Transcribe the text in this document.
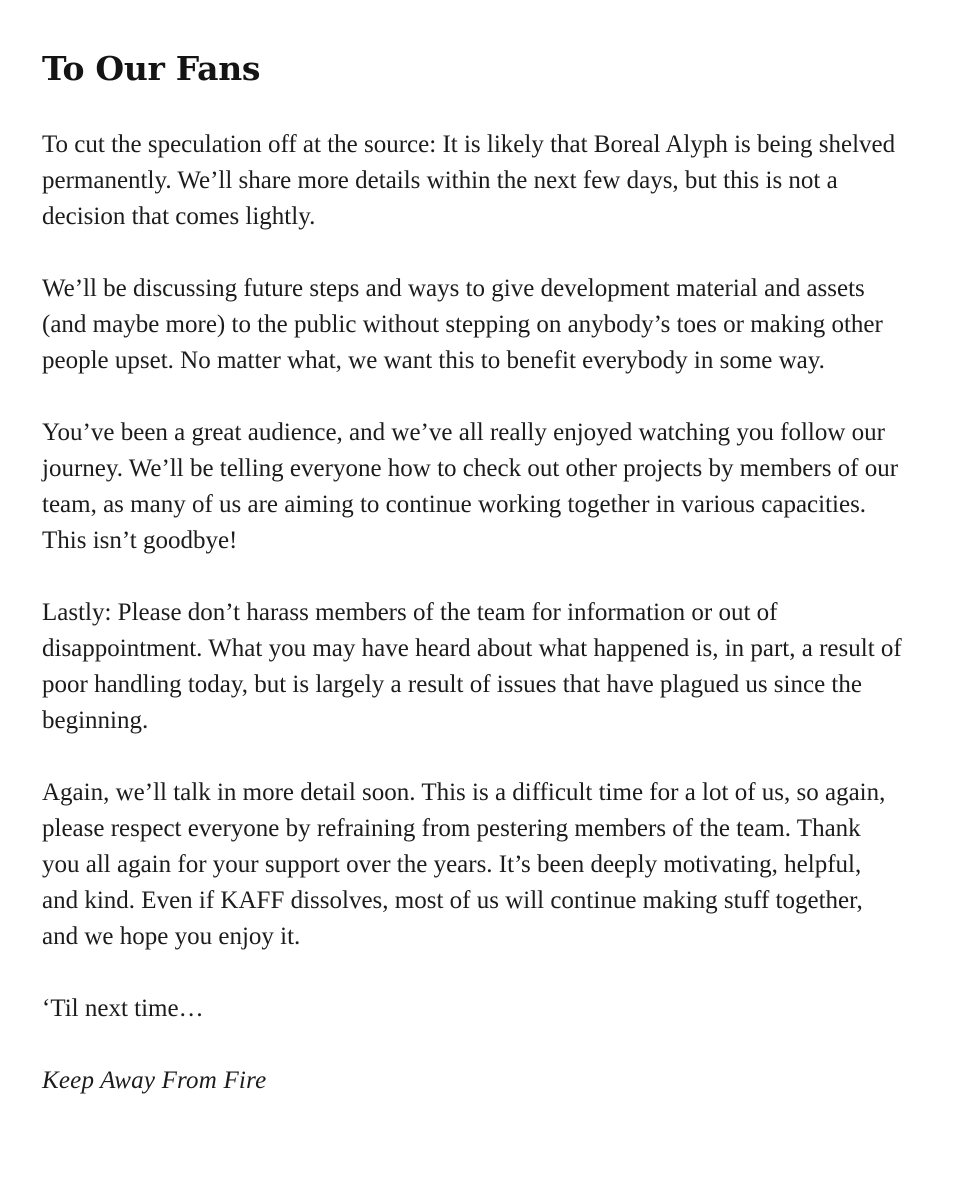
To Our Fans

To cut the speculation off at the source: It is likely that Boreal Alyph is being shelved permanently. We’ll share more details within the next few days, but this is not a decision that comes lightly.

We’ll be discussing future steps and ways to give development material and assets (and maybe more) to the public without stepping on anybody’s toes or making other people upset. No matter what, we want this to benefit everybody in some way.

You’ve been a great audience, and we’ve all really enjoyed watching you follow our journey. We’ll be telling everyone how to check out other projects by members of our team, as many of us are aiming to continue working together in various capacities. This isn’t goodbye!

Lastly: Please don’t harass members of the team for information or out of disappointment. What you may have heard about what happened is, in part, a result of poor handling today, but is largely a result of issues that have plagued us since the beginning.

Again, we’ll talk in more detail soon. This is a difficult time for a lot of us, so again, please respect everyone by refraining from pestering members of the team. Thank you all again for your support over the years. It’s been deeply motivating, helpful, and kind. Even if KAFF dissolves, most of us will continue making stuff together, and we hope you enjoy it.

‘Til next time…

Keep Away From Fire
